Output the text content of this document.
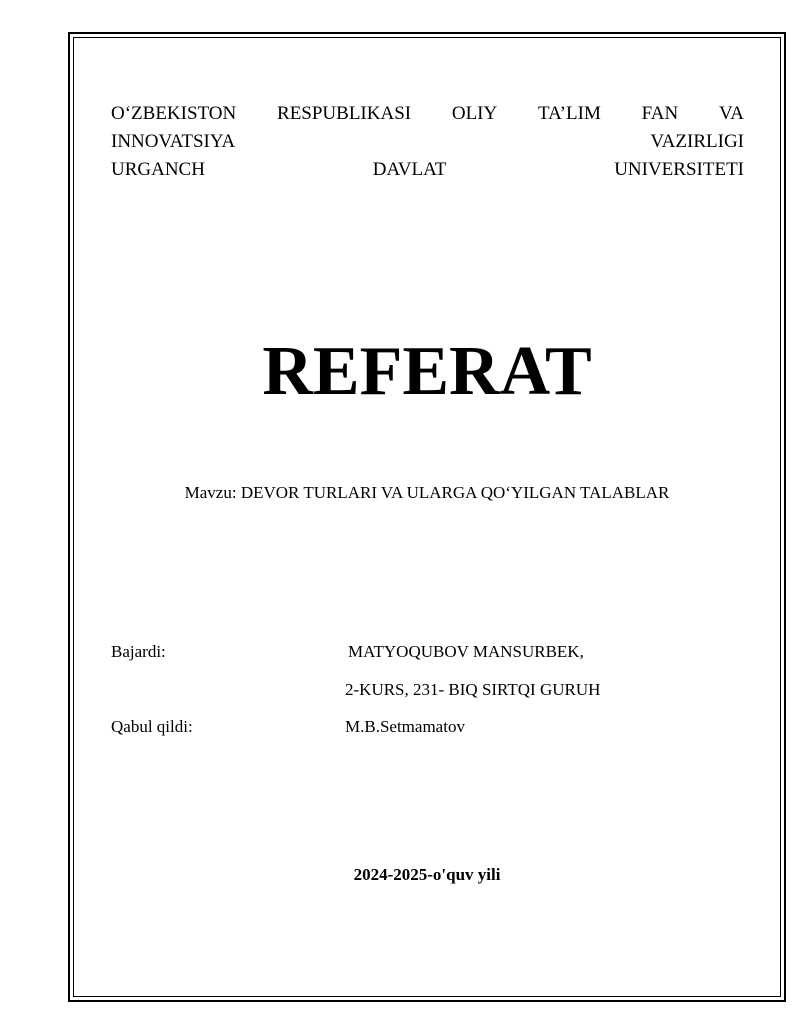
O‘ZBEKISTON RESPUBLIKASI OLIY TA’LIM FAN VA
INNOVATSIYA	VAZIRLIGI
URGANCH	DAVLAT	UNIVERSITETI
REFERAT
Mavzu: DEVOR TURLARI VA ULARGA QO‘YILGAN TALABLAR
Bajardi:	MATYOQUBOV MANSURBEK,
2-KURS, 231- BIQ SIRTQI GURUH
Qabul qildi:	M.B.Setmamatov
2024-2025-o'quv yili
